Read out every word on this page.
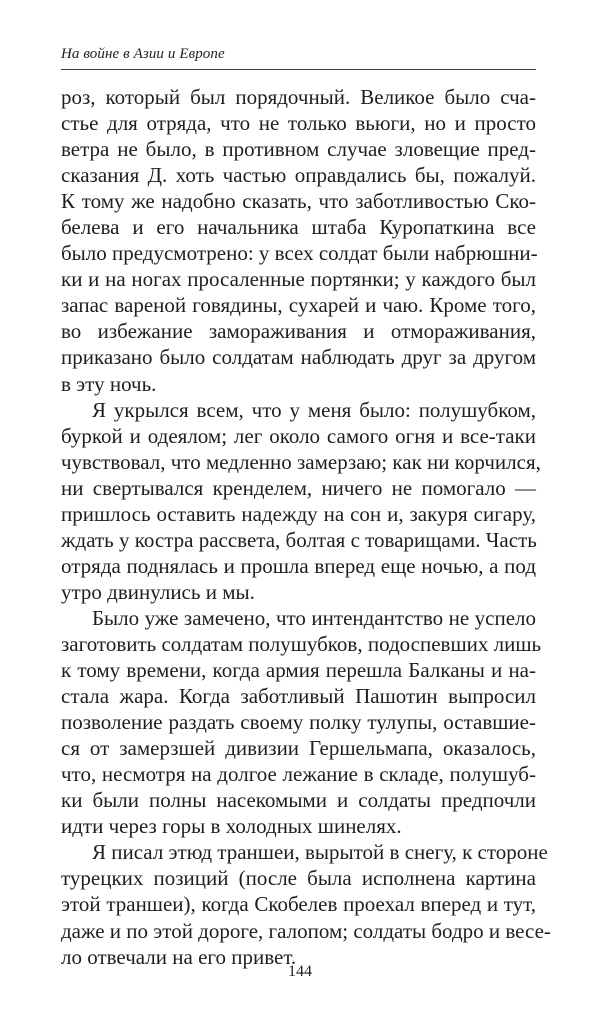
На войне в Азии и Европе
роз, который был порядочный. Великое было сча-
стье для отряда, что не только вьюги, но и просто
ветра не было, в противном случае зловещие пред-
сказания Д. хоть частью оправдались бы, пожалуй.
К тому же надобно сказать, что заботливостью Ско-
белева и его начальника штаба Куропаткина все
было предусмотрено: у всех солдат были набрюшни-
ки и на ногах просаленные портянки; у каждого был
запас вареной говядины, сухарей и чаю. Кроме того,
во избежание замораживания и отмораживания,
приказано было солдатам наблюдать друг за другом
в эту ночь.
Я укрылся всем, что у меня было: полушубком,
буркой и одеялом; лег около самого огня и все-таки
чувствовал, что медленно замерзаю; как ни корчился,
ни свертывался кренделем, ничего не помогало —
пришлось оставить надежду на сон и, закуря сигару,
ждать у костра рассвета, болтая с товарищами. Часть
отряда поднялась и прошла вперед еще ночью, а под
утро двинулись и мы.
Было уже замечено, что интендантство не успело
заготовить солдатам полушубков, подоспевших лишь
к тому времени, когда армия перешла Балканы и на-
стала жара. Когда заботливый Пашотин выпросил
позволение раздать своему полку тулупы, оставшие-
ся от замерзшей дивизии Гершельмапа, оказалось,
что, несмотря на долгое лежание в складе, полушуб-
ки были полны насекомыми и солдаты предпочли
идти через горы в холодных шинелях.
Я писал этюд траншеи, вырытой в снегу, к стороне
турецких позиций (после была исполнена картина
этой траншеи), когда Скобелев проехал вперед и тут,
даже и по этой дороге, галопом; солдаты бодро и весе-
ло отвечали на его привет.
144
